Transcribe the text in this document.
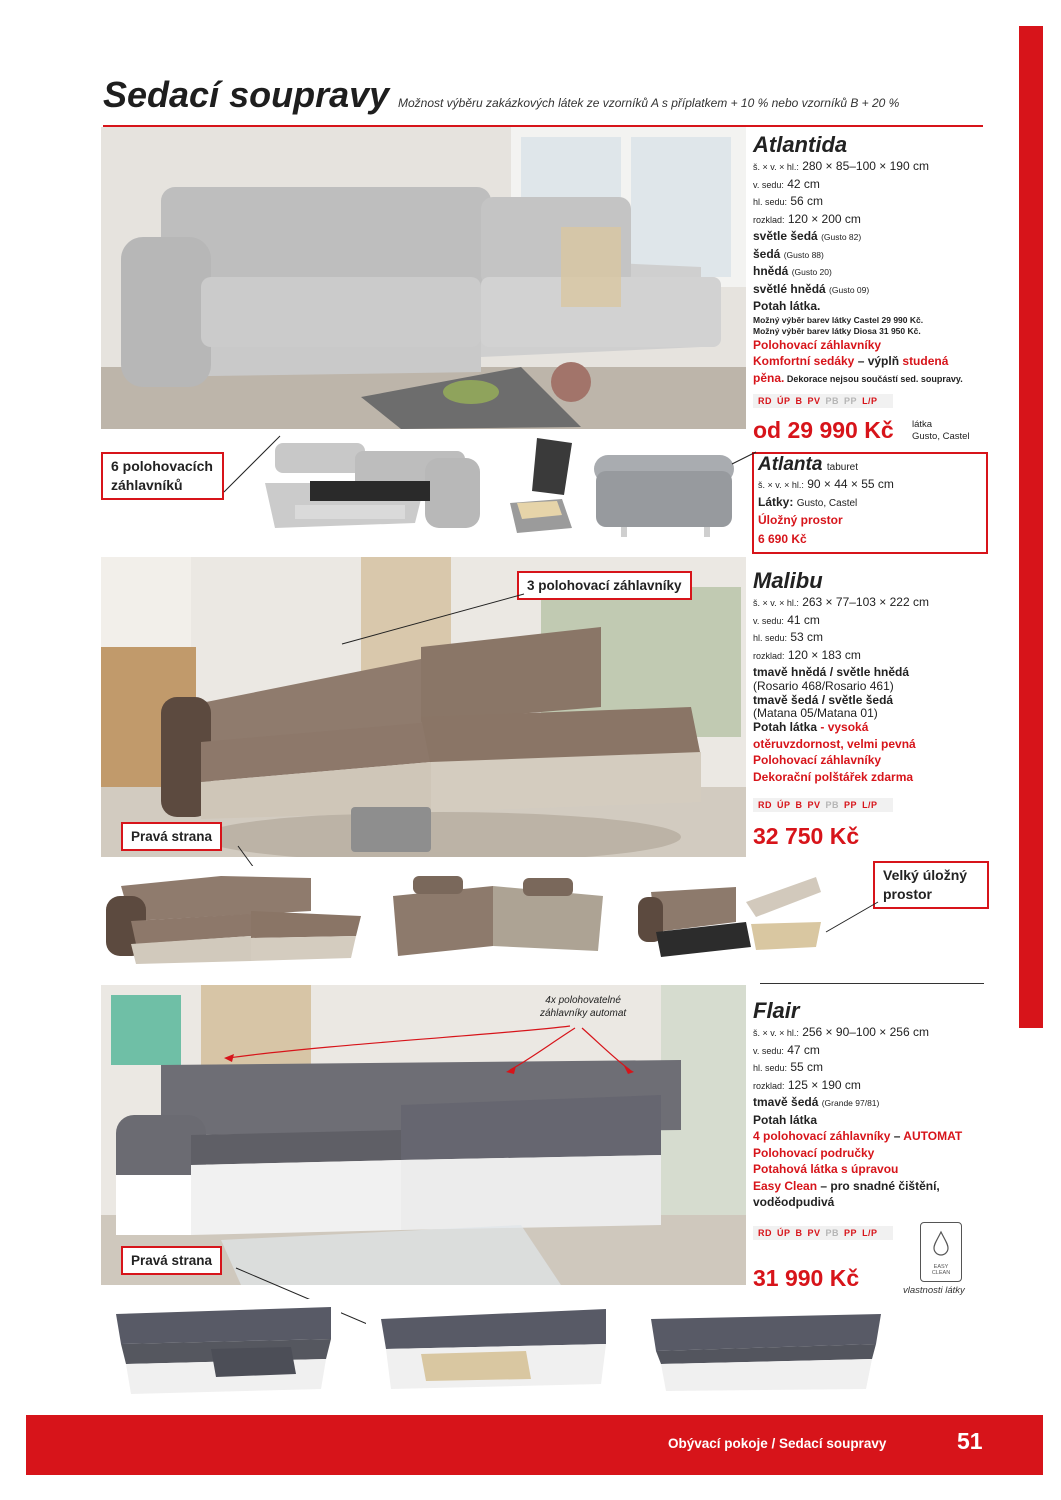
Sedací soupravy Možnost výběru zakázkových látek ze vzorníků A s příplatkem + 10 % nebo vzorníků B + 20 %
Atlantida
š. × v. × hl.: 280 × 85–100 × 190 cm
v. sedu: 42 cm
hl. sedu: 56 cm
rozklad: 120 × 200 cm
světle šedá (Gusto 82)
šedá (Gusto 88)
hnědá (Gusto 20)
světlé hnědá (Gusto 09)
Potah látka.
Možný výběr barev látky Castel 29 990 Kč.
Možný výběr barev látky Diosa 31 950 Kč.
Polohovací záhlavníky
Komfortní sedáky – výplň studená
pěna. Dekorace nejsou součástí sed. soupravy.
RD ÚP B PV PB PP L/P
od 29 990 Kč látka
Gusto, Castel
6 polohovacích
záhlavníků
Atlanta taburet
š. × v. × hl.: 90 × 44 × 55 cm
Látky: Gusto, Castel
Úložný prostor
6 690 Kč
3 polohovací záhlavníky	Malibu
š. × v. × hl.: 263 × 77–103 × 222 cm
v. sedu: 41 cm
hl. sedu: 53 cm
rozklad: 120 × 183 cm
tmavě hnědá / světle hnědá
(Rosario 468/Rosario 461)
tmavě šedá / světle šedá
(Matana 05/Matana 01)
Potah látka - vysoká
otěruvzdornost, velmi pevná
Polohovací záhlavníky
Dekorační polštářek zdarma
RD ÚP B PV PB PP L/P
32 750 Kč
Pravá strana
Velký úložný
prostor
4x polohovatelné
záhlavníky automat	Flair
š. × v. × hl.: 256 × 90–100 × 256 cm
v. sedu: 47 cm
hl. sedu: 55 cm
rozklad: 125 × 190 cm
tmavě šedá (Grande 97/81)
Potah látka
4 polohovací záhlavníky – AUTOMAT
Polohovací područky
Potahová látka s úpravou
Easy Clean – pro snadné čištění,
voděodpudivá
RD ÚP B PV PB PP L/P
31 990 Kč	EASY CLEAN
vlastnosti látky
Pravá strana
Obývací pokoje / Sedací soupravy	51
